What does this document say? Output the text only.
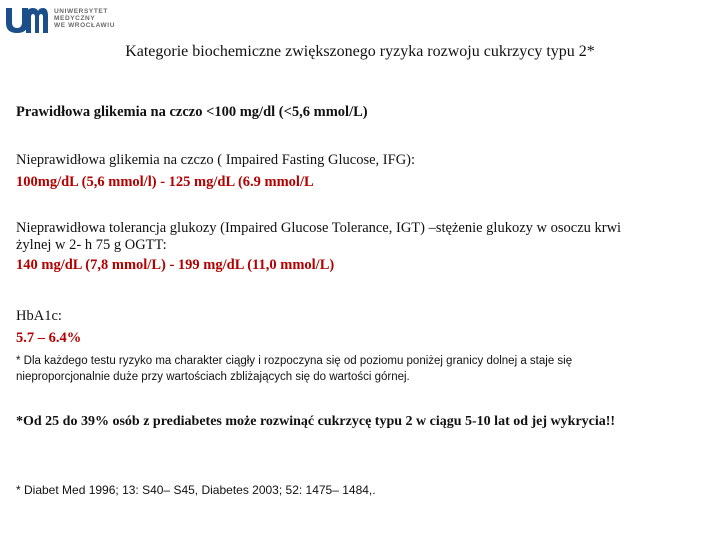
UNIWERSYTET
MEDYCZNY
WE WROCŁAWIU
Kategorie biochemiczne zwiększonego ryzyka rozwoju cukrzycy typu 2*
Prawidłowa glikemia na czczo <100 mg/dl (<5,6 mmol/L)
Nieprawidłowa glikemia na czczo ( Impaired Fasting Glucose, IFG):
100mg/dL (5,6 mmol/l) - 125 mg/dL (6.9 mmol/L
Nieprawidłowa tolerancja glukozy (Impaired Glucose Tolerance, IGT) –stężenie glukozy w osoczu krwi
żylnej w 2- h 75 g OGTT:
140 mg/dL (7,8 mmol/L) - 199 mg/dL (11,0 mmol/L)
HbA1c:
5.7 – 6.4%
* Dla każdego testu ryzyko ma charakter ciągły i rozpoczyna się od poziomu poniżej granicy dolnej a staje się
nieproporcjonalnie duże przy wartościach zbliżających się do wartości górnej.
*Od 25 do 39% osób z prediabetes może rozwinąć cukrzycę typu 2 w ciągu 5-10 lat od jej wykrycia!!
* Diabet Med 1996; 13: S40– S45, Diabetes 2003; 52: 1475– 1484,.
